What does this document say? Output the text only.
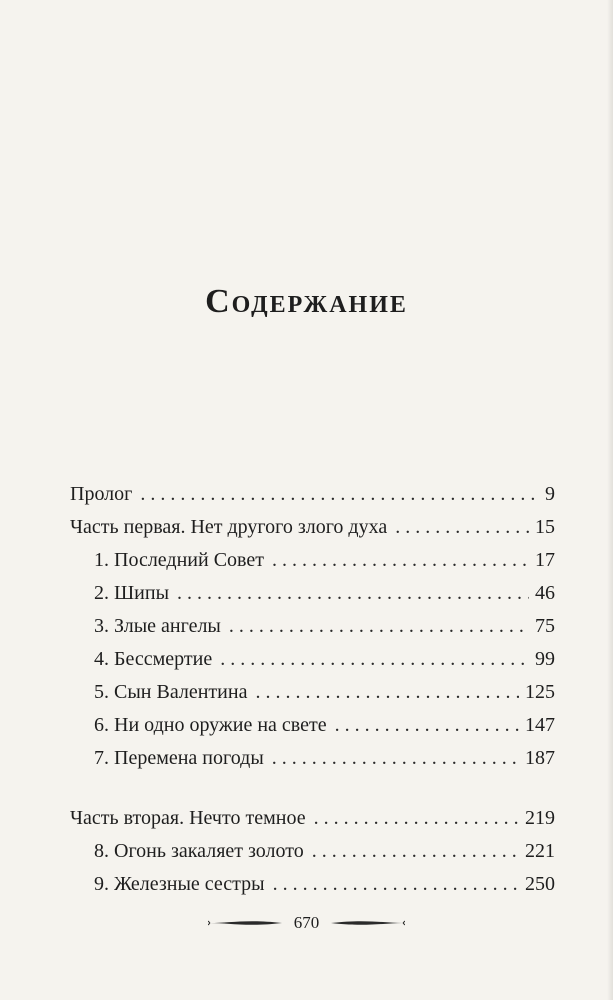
Содержание
Пролог . . .	9
Часть первая. Нет другого злого духа . . .	15
1. Последний Совет . . .	17
2. Шипы . . .	46
3. Злые ангелы . . .	75
4. Бессмертие . . .	99
5. Сын Валентина . . .	125
6. Ни одно оружие на свете . . .	147
7. Перемена погоды . . .	187
Часть вторая. Нечто темное . . .	219
8. Огонь закаляет золото . . .	221
9. Железные сестры . . .	250
670
